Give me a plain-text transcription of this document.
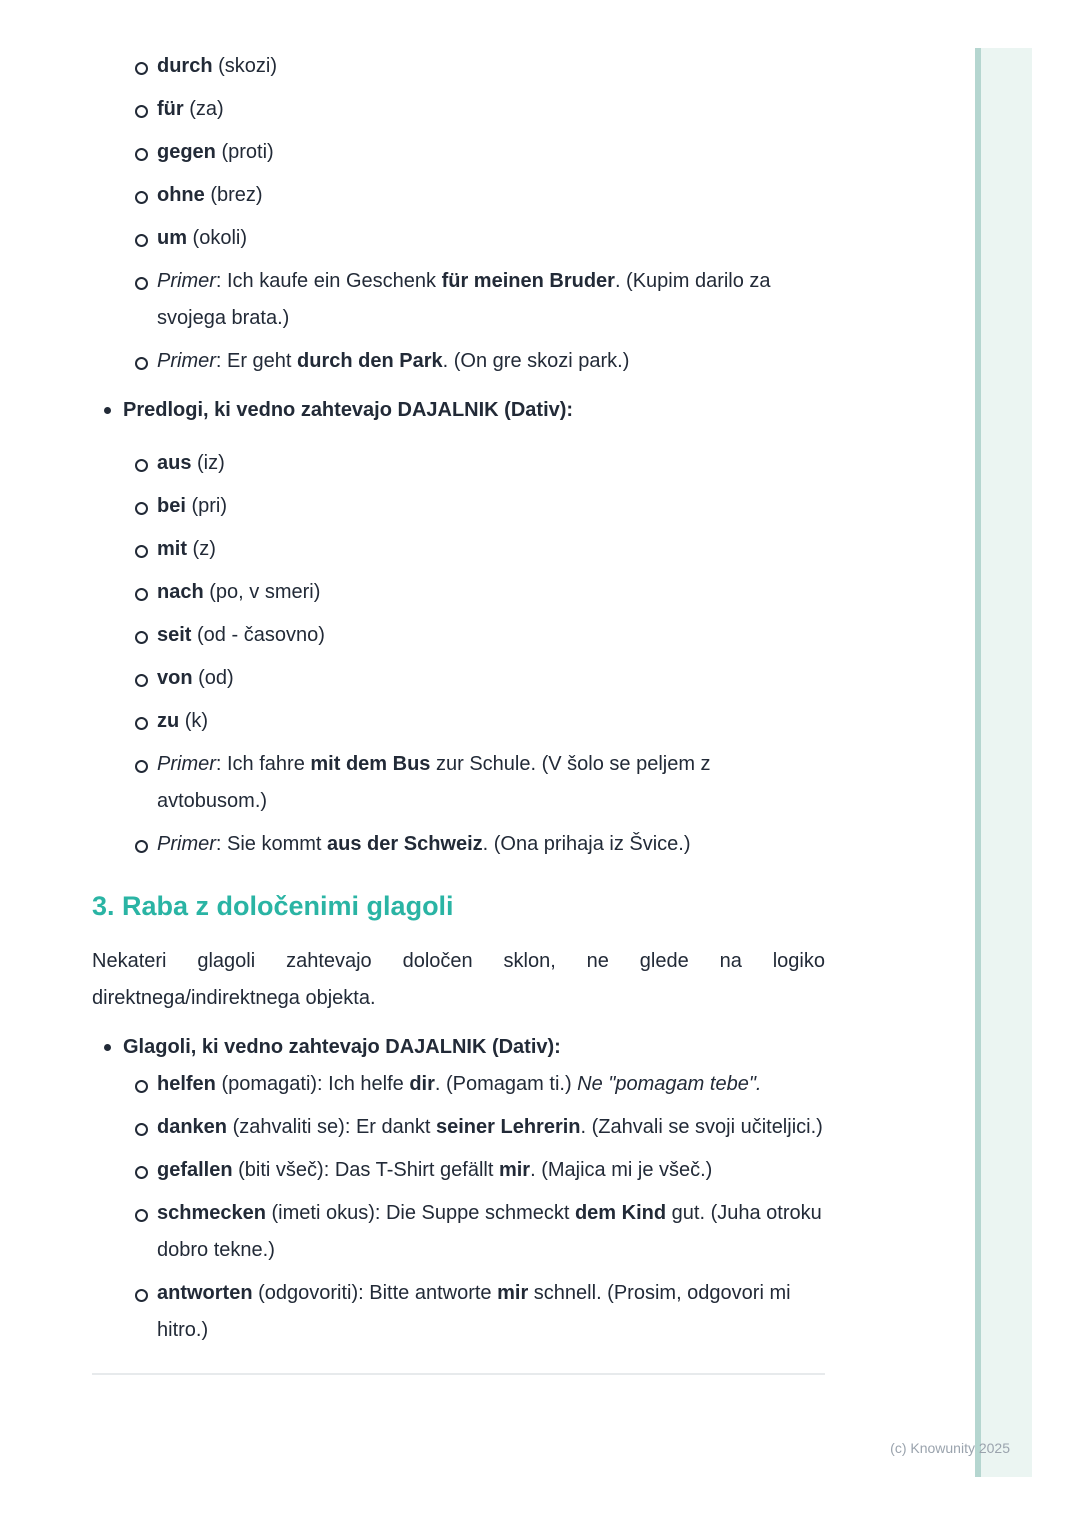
durch (skozi)
für (za)
gegen (proti)
ohne (brez)
um (okoli)
Primer: Ich kaufe ein Geschenk für meinen Bruder. (Kupim darilo za svojega brata.)
Primer: Er geht durch den Park. (On gre skozi park.)
Predlogi, ki vedno zahtevajo DAJALNIK (Dativ):
aus (iz)
bei (pri)
mit (z)
nach (po, v smeri)
seit (od - časovno)
von (od)
zu (k)
Primer: Ich fahre mit dem Bus zur Schule. (V šolo se peljem z avtobusom.)
Primer: Sie kommt aus der Schweiz. (Ona prihaja iz Švice.)
3. Raba z določenimi glagoli

Nekateri glagoli zahtevajo določen sklon, ne glede na logiko direktnega/indirektnega objekta.

Glagoli, ki vedno zahtevajo DAJALNIK (Dativ):
helfen (pomagati): Ich helfe dir. (Pomagam ti.) Ne "pomagam tebe".
danken (zahvaliti se): Er dankt seiner Lehrerin. (Zahvali se svoji učiteljici.)
gefallen (biti všeč): Das T-Shirt gefällt mir. (Majica mi je všeč.)
schmecken (imeti okus): Die Suppe schmeckt dem Kind gut. (Juha otroku dobro tekne.)
antworten (odgovoriti): Bitte antworte mir schnell. (Prosim, odgovori mi hitro.)
(c) Knowunity 2025
